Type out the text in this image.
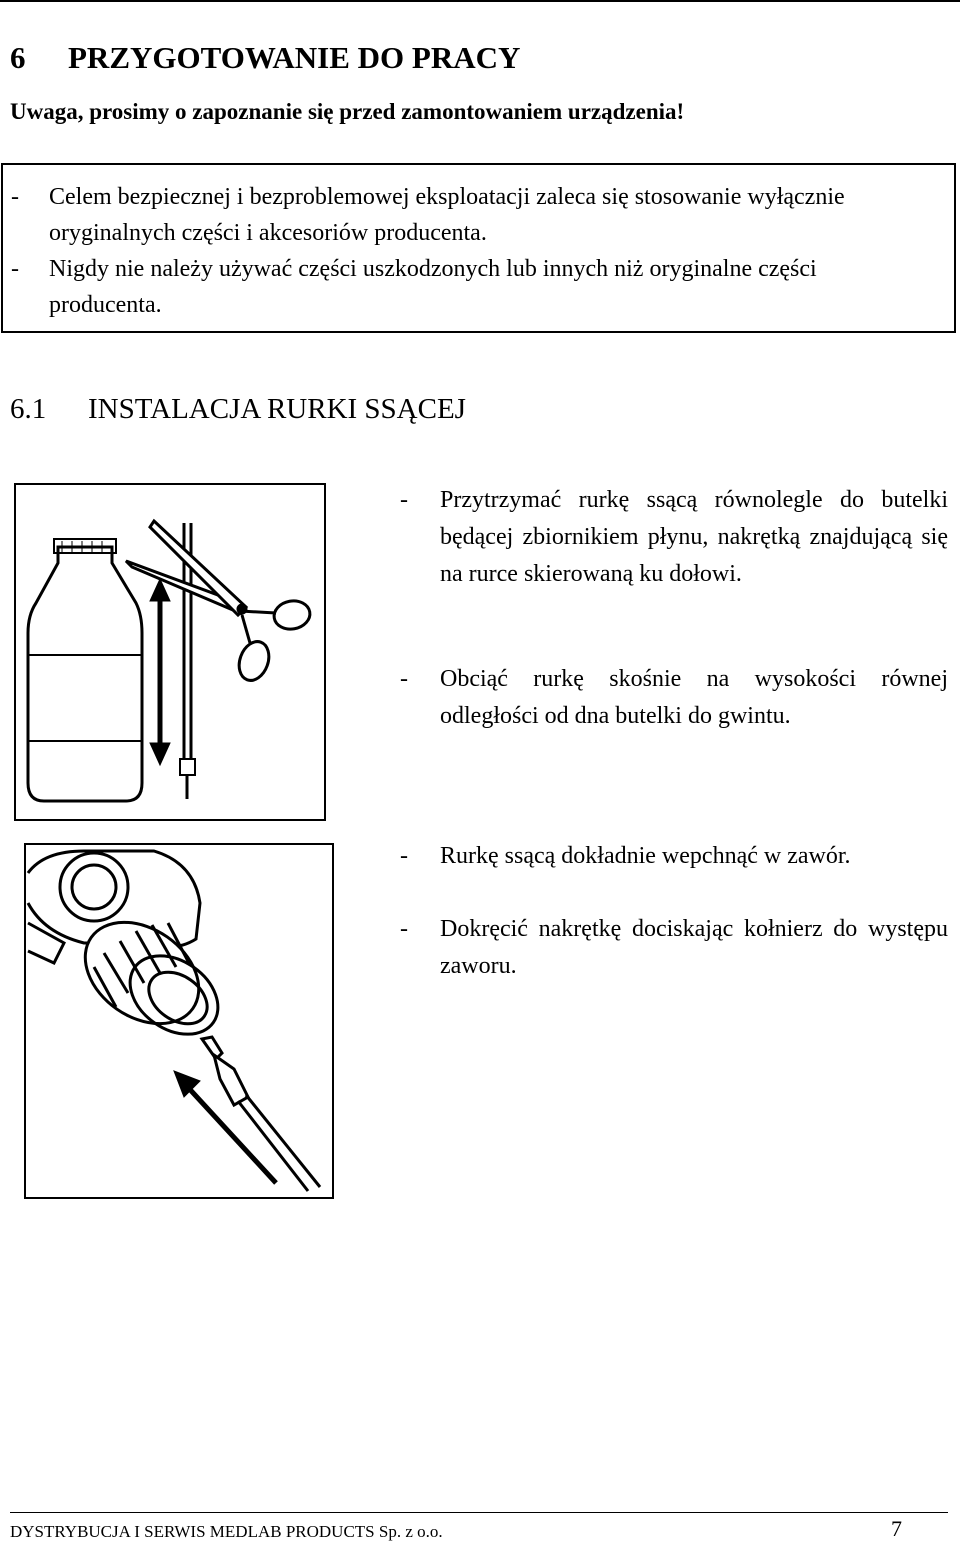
6 PRZYGOTOWANIE DO PRACY
Uwaga, prosimy o zapoznanie się przed zamontowaniem urządzenia!
- Celem bezpiecznej i bezproblemowej eksploatacji zaleca się stosowanie wyłącznie oryginalnych części i akcesoriów producenta.
- Nigdy nie należy używać części uszkodzonych lub innych niż oryginalne części producenta.
6.1 INSTALACJA RURKI SSĄCEJ
-	Przytrzymać rurkę ssącą równolegle do butelki będącej zbiornikiem płynu, nakrętką znajdującą się na rurce skierowaną ku dołowi.
-	Obciąć rurkę skośnie na wysokości równej odległości od dna butelki do gwintu.
-	Rurkę ssącą dokładnie wepchnąć w zawór.
-	Dokręcić nakrętkę dociskając kołnierz do występu zaworu.
DYSTRYBUCJA I SERWIS MEDLAB PRODUCTS Sp. z o.o.	7
